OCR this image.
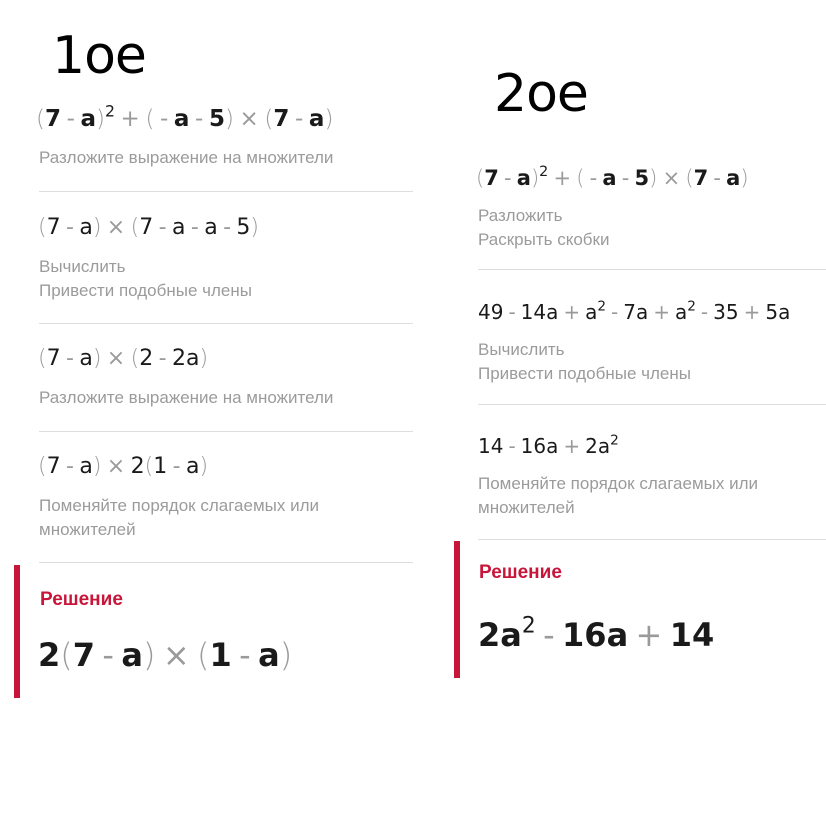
1ое
(7 - a)$^2$ + ( - a - 5) × (7 - a)
Разложите выражение на множители
(7 - a) × (7 - a - a - 5)
Вычислить
Привести подобные члены
(7 - a) × (2 - 2a)
Разложите выражение на множители
(7 - a) × 2(1 - a)
Поменяйте порядок слагаемых или
множителей
Решение
2(7 - a) × (1 - a)
2ое
(7 - a)$^2$ + ( - a - 5) × (7 - a)
Разложить
Раскрыть скобки
$49 - 14a + a^2 - 7a + a^2 - 35 + 5a$
Вычислить
Привести подобные члены
$14 - 16a + 2a^2$
Поменяйте порядок слагаемых или
множителей
Решение
$2a^2 - 16a + 14$
